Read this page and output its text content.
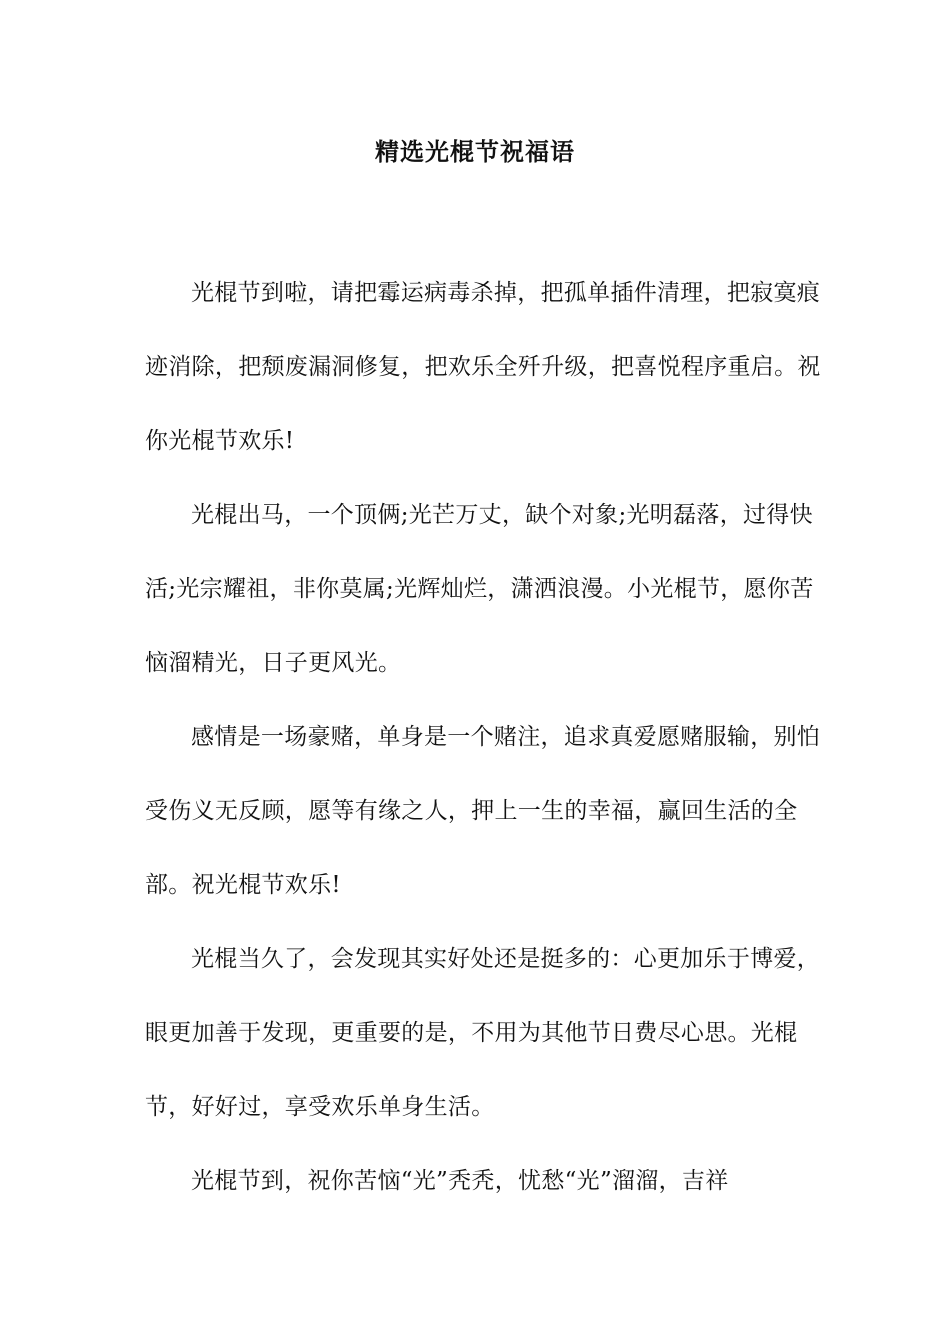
精选光棍节祝福语

光棍节到啦，请把霉运病毒杀掉，把孤单插件清理，把寂寞痕迹消除，把颓废漏洞修复，把欢乐全歼升级，把喜悦程序重启。祝你光棍节欢乐!

光棍出马，一个顶俩;光芒万丈，缺个对象;光明磊落，过得快活;光宗耀祖，非你莫属;光辉灿烂，潇洒浪漫。小光棍节，愿你苦恼溜精光，日子更风光。

感情是一场豪赌，单身是一个赌注，追求真爱愿赌服输，别怕受伤义无反顾，愿等有缘之人，押上一生的幸福，赢回生活的全部。祝光棍节欢乐!

光棍当久了，会发现其实好处还是挺多的：心更加乐于博爱，眼更加善于发现，更重要的是，不用为其他节日费尽心思。光棍节，好好过，享受欢乐单身生活。

光棍节到，祝你苦恼“光”秃秃，忧愁“光”溜溜，吉祥
